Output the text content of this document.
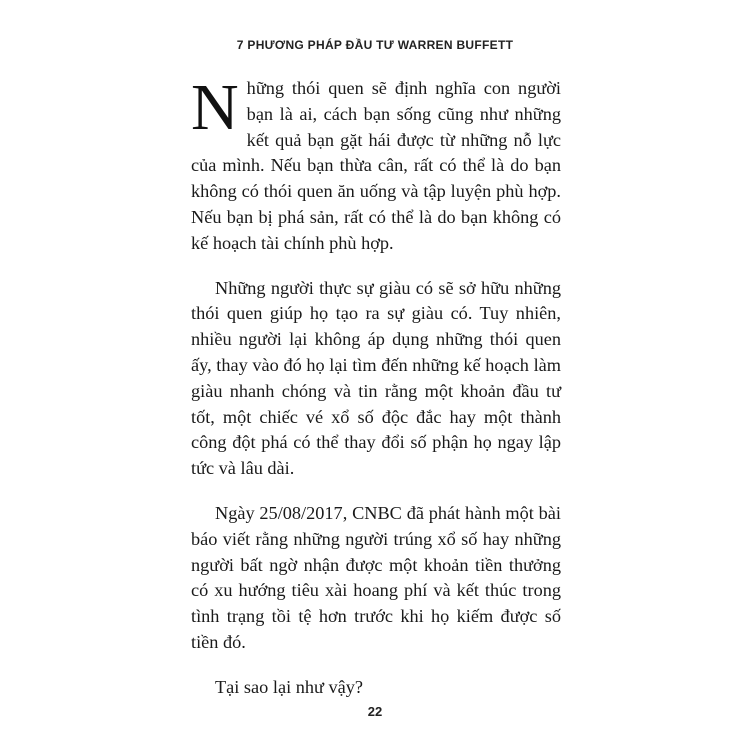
7 PHƯƠNG PHÁP ĐẦU TƯ WARREN BUFFETT

Những thói quen sẽ định nghĩa con người bạn là ai, cách bạn sống cũng như những kết quả bạn gặt hái được từ những nỗ lực của mình. Nếu bạn thừa cân, rất có thể là do bạn không có thói quen ăn uống và tập luyện phù hợp. Nếu bạn bị phá sản, rất có thể là do bạn không có kế hoạch tài chính phù hợp.

Những người thực sự giàu có sẽ sở hữu những thói quen giúp họ tạo ra sự giàu có. Tuy nhiên, nhiều người lại không áp dụng những thói quen ấy, thay vào đó họ lại tìm đến những kế hoạch làm giàu nhanh chóng và tin rằng một khoản đầu tư tốt, một chiếc vé xổ số độc đắc hay một thành công đột phá có thể thay đổi số phận họ ngay lập tức và lâu dài.

Ngày 25/08/2017, CNBC đã phát hành một bài báo viết rằng những người trúng xổ số hay những người bất ngờ nhận được một khoản tiền thưởng có xu hướng tiêu xài hoang phí và kết thúc trong tình trạng tồi tệ hơn trước khi họ kiếm được số tiền đó.

Tại sao lại như vậy?

22
